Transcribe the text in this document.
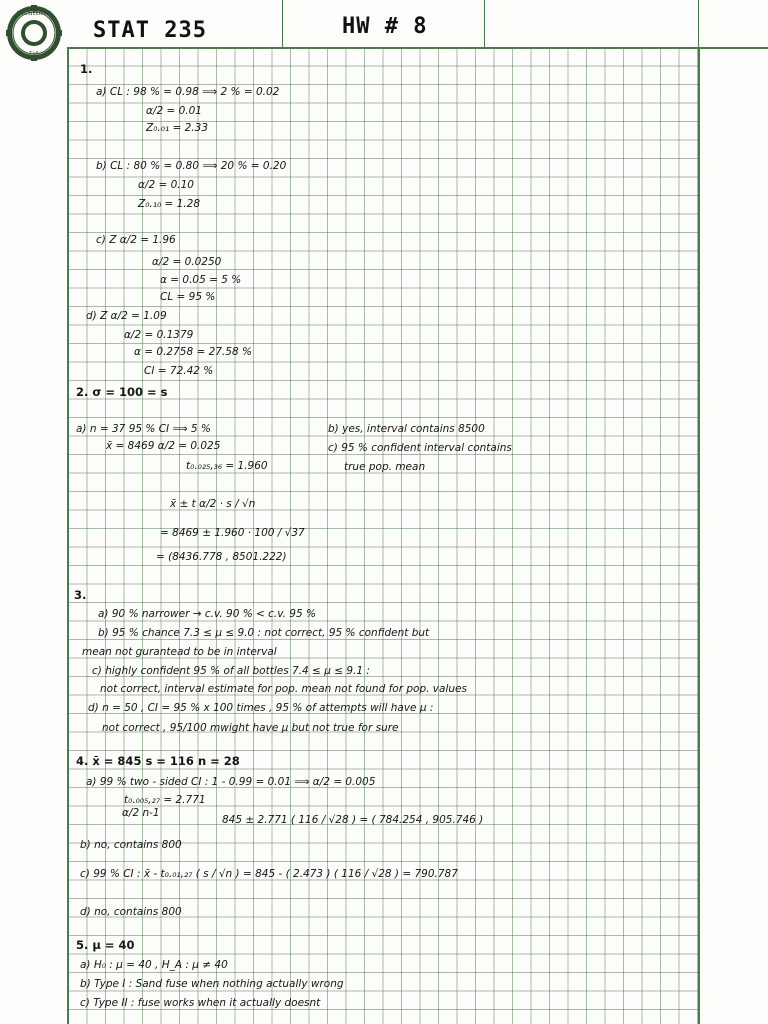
STAT 235	HW # 8
ENGINEERING
TxA
1.
a) CL : 98 % = 0.98 ⟹ 2 % = 0.02
α/2 = 0.01
Z₀.₀₁ = 2.33
b) CL : 80 % = 0.80 ⟹ 20 % = 0.20
α/2 = 0.10
Z₀.₁₀ = 1.28
c) Z α/2 = 1.96
α/2 = 0.0250
α = 0.05 = 5 %
CL = 95 %
d) Z α/2 = 1.09
α/2 = 0.1379
α = 0.2758 = 27.58 %
CI = 72.42 %
2. σ = 100 = s
a) n = 37 95 % CI ⟹ 5 %
x̄ = 8469 α/2 = 0.025
t₀.₀₂₅,₃₆ = 1.960
b) yes, interval contains 8500
c) 95 % confident interval contains
true pop. mean
x̄ ± t α/2 · s / √n
= 8469 ± 1.960 · 100 / √37
= (8436.778 , 8501.222)
3.
a) 90 % narrower → c.v. 90 % < c.v. 95 %
b) 95 % chance 7.3 ≤ μ ≤ 9.0 : not correct, 95 % confident but
mean not gurantead to be in interval
c) highly confident 95 % of all bottles 7.4 ≤ μ ≤ 9.1 :
not correct, interval estimate for pop. mean not found for pop. values
d) n = 50 , CI = 95 % x 100 times , 95 % of attempts will have μ :
not correct , 95/100 mwight have μ but not true for sure
4. x̄ = 845 s = 116 n = 28
a) 99 % two - sided CI : 1 - 0.99 = 0.01 ⟹ α/2 = 0.005
t₀.₀₀₅,₂₇ = 2.771
α/2 n-1
845 ± 2.771 ( 116 / √28 ) = ( 784.254 , 905.746 )
b) no, contains 800
c) 99 % CI : x̄ - t₀.₀₁,₂₇ ( s / √n ) = 845 - ( 2.473 ) ( 116 / √28 ) = 790.787
d) no, contains 800
5. μ = 40
a) H₀ : μ = 40 , H_A : μ ≠ 40
b) Type I : Sand fuse when nothing actually wrong
c) Type II : fuse works when it actually doesnt
